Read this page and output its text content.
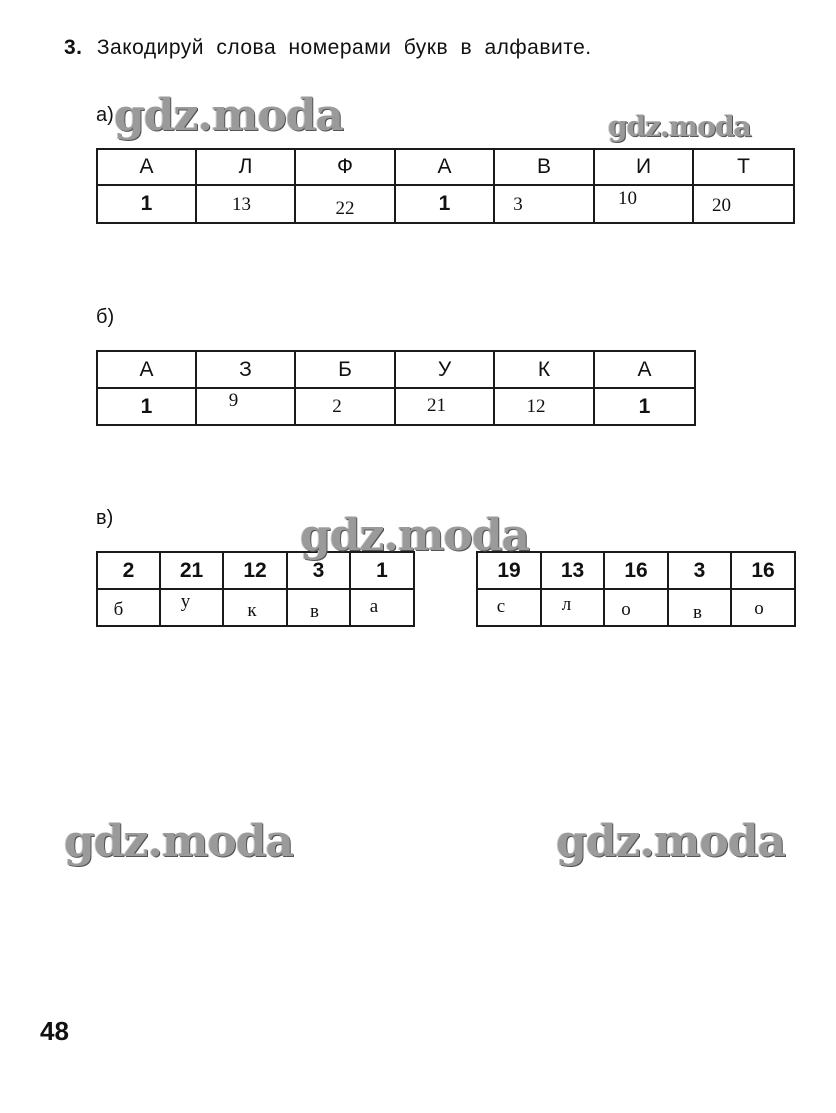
3. Закодируй слова номерами букв в алфавите.
а)
А	Л	Ф	А	В	И	Т
1	13	22	1	3	10	20
б)
А	З	Б	У	К	А
1	9	2	21	12	1
в)
2	21	12	3	1
б	у	к	в	а
19	13	16	3	16
с	л	о	в	о
gdz.moda	gdz.moda
gdz.moda
gdz.moda	gdz.moda
48
